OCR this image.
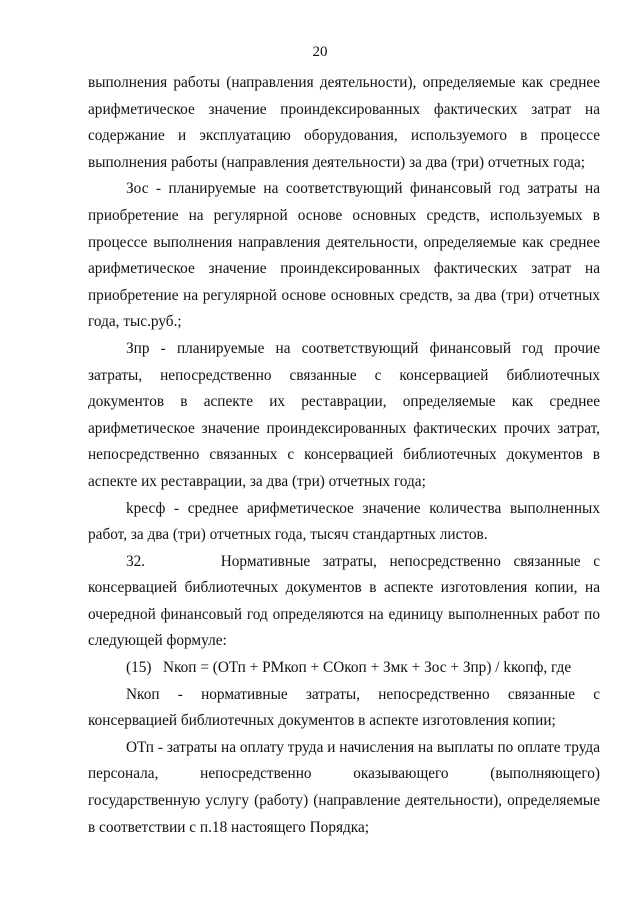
20

выполнения работы (направления деятельности), определяемые как среднее арифметическое значение проиндексированных фактических затрат на содержание и эксплуатацию оборудования, используемого в процессе выполнения работы (направления деятельности) за два (три) отчетных года;

Зос - планируемые на соответствующий финансовый год затраты на приобретение на регулярной основе основных средств, используемых в процессе выполнения направления деятельности, определяемые как среднее арифметическое значение проиндексированных фактических затрат на приобретение на регулярной основе основных средств, за два (три) отчетных года, тыс.руб.;

Зпр - планируемые на соответствующий финансовый год прочие затраты, непосредственно связанные с консервацией библиотечных документов в аспекте их реставрации, определяемые как среднее арифметическое значение проиндексированных фактических прочих затрат, непосредственно связанных с консервацией библиотечных документов в аспекте их реставрации, за два (три) отчетных года;

kресф - среднее арифметическое значение количества выполненных работ, за два (три) отчетных года, тысяч стандартных листов.

32.      Нормативные затраты, непосредственно связанные с консервацией библиотечных документов в аспекте изготовления копии, на очередной финансовый год определяются на единицу выполненных работ по следующей формуле:

(15)   Nкоп = (ОТп + РМкоп + СОкоп + Змк + Зос + Зпр) / kкопф, где

Nкоп - нормативные затраты, непосредственно связанные с консервацией библиотечных документов в аспекте изготовления копии;

ОТп - затраты на оплату труда и начисления на выплаты по оплате труда персонала, непосредственно оказывающего (выполняющего) государственную услугу (работу) (направление деятельности), определяемые в соответствии с п.18 настоящего Порядка;
